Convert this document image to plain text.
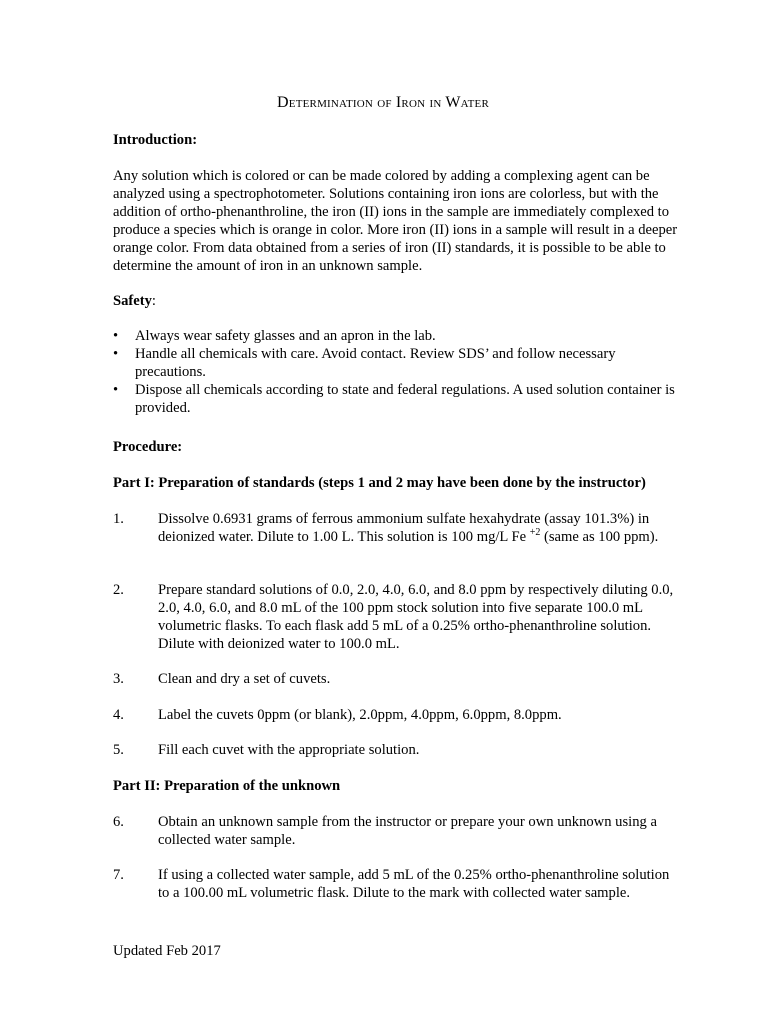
Determination of Iron in Water
Introduction:

Any solution which is colored or can be made colored by adding a complexing agent can be analyzed using a spectrophotometer. Solutions containing iron ions are colorless, but with the addition of ortho-phenanthroline, the iron (II) ions in the sample are immediately complexed to produce a species which is orange in color. More iron (II) ions in a sample will result in a deeper orange color. From data obtained from a series of iron (II) standards, it is possible to be able to determine the amount of iron in an unknown sample.

Safety:
• Always wear safety glasses and an apron in the lab.
• Handle all chemicals with care. Avoid contact. Review SDS’ and follow necessary precautions.
• Dispose all chemicals according to state and federal regulations. A used solution container is provided.
Procedure:
Part I: Preparation of standards (steps 1 and 2 may have been done by the instructor)
1. Dissolve 0.6931 grams of ferrous ammonium sulfate hexahydrate (assay 101.3%) in deionized water. Dilute to 1.00 L. This solution is 100 mg/L Fe $^{+2}$ (same as 100 ppm).
2. Prepare standard solutions of 0.0, 2.0, 4.0, 6.0, and 8.0 ppm by respectively diluting 0.0, 2.0, 4.0, 6.0, and 8.0 mL of the 100 ppm stock solution into five separate 100.0 mL volumetric flasks. To each flask add 5 mL of a 0.25% ortho-phenanthroline solution. Dilute with deionized water to 100.0 mL.
3. Clean and dry a set of cuvets.
4. Label the cuvets 0ppm (or blank), 2.0ppm, 4.0ppm, 6.0ppm, 8.0ppm.
5. Fill each cuvet with the appropriate solution.
Part II: Preparation of the unknown
6. Obtain an unknown sample from the instructor or prepare your own unknown using a collected water sample.
7. If using a collected water sample, add 5 mL of the 0.25% ortho-phenanthroline solution to a 100.00 mL volumetric flask. Dilute to the mark with collected water sample.
Updated Feb 2017
